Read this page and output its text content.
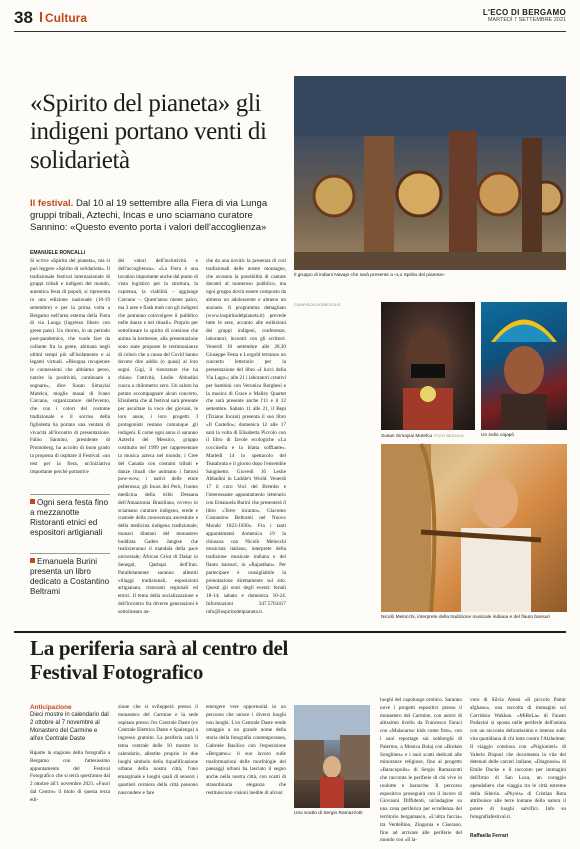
38	Cultura	L'ECO DI BERGAMO
MARTEDÌ 7 SETTEMBRE 2021
«Spirito del pianeta» gli indigeni portano venti di solidarietà

Il festival. Dal 10 al 19 settembre alla Fiera di via Lunga gruppi tribali, Aztechi, Incas e uno sciamano curatore Sannino: «Questo evento porta i valori dell'accoglienza»

EMANUELE RONCALLI
Si scrive «Spirito del pianeta», ma si può leggere «Spirito di solidarietà». Il tradizionale festival internazionale di gruppi tribali e indigeni del mondo, autentica festa di popoli, si ripresenta in una edizione nazionale (10-19 settembre) e per la prima volta a Bergamo nell'area esterna della Fiera di via Lunga (ingresso libero con green pass). Un ritorno, in un periodo post-pandemico, che vuole fare da collante fra la gente, abituata negli ultimi tempi più all'isolamento e ai legami virtuali. «Bisogna recuperare le connessioni che abbiamo perso, nutrire la positività, continuare a sognare», dice Susan Simayiai Mutelcu, moglie masai di Ivano Carcano, organizzatore dell'evento, che con i colori del costume tradizionale e il sorriso della figlioletta ha portato una ventata di vivacità all'incontro di presentazione. Fabio Sannino, presidente di Promoberg, ha accolto di buon grado la proposta di ospitare il Festival: «un test per la fiera, un'iniziativa importante perché portatrice
Ogni sera festa fino a mezzanotte Ristoranti etnici ed espositori artigianali
Emanuela Burini presenta un libro dedicato a Costantino Beltrami
dei valori dell'inclusività e dell'accoglienza». «La Fiera è una location importante anche dal punto di vista logistico per la struttura, la capienza, la viabilità – aggiunge Carcano –. Quest'anno niente palco, ma 3 aree e flash mob con gli indigeni che potranno coinvolgere il pubblico nelle danze e nei rituali». Proprio per sottolineare lo spirito di coesione che anima la kermesse, alla presentazione sono state proposte le testimonianze di coloro che a causa del Covid hanno dovuto dire addio (o quasi) al loro sogni. Gigi, il ristoratore che ha chiuso l'attività, Leslie Abbadini cuoca a chilometro zero. Un saluto ha potuto accompagnare alcun concerto, Elisabetta che al festival sarà presente per ascoltare la voce dei giovani, le loro ansie, i loro progetti. I protagonisti restano comunque gli indigeni. E come ogni anno ci saranno Aztechi del Messico, gruppo costituito nel 1999 per rappresentare la musica azteca nel mondo; i Cree del Canada con costumi tribali e danze rituali che animano i famosi pow-wow, i nativi delle etnie pellerossa; gli Incas del Perù, l'uomo medicina della tribù Dessana dell'Amazzonia Brasiliana, ovvero lo sciamano curatore indigeno, erede e custode della conoscenza ancestrale e della medicina indigena tradizionale; monaci tibetani del monastero buddista Gaden Jangtse che realizzeranno il mandala della pace universale; African Griot di Dakar in Senegal, Qashqai dell'Iran. Parallelamente saranno allestiti villaggi tradizionali, esposizioni artigianato, ristoranti regionali ed etnici. Il tema della socializzazione e dell'incontro fra diverse generazioni è sottolineato an-
che da una novità: la presenza di cori tradizionali delle nostre montagne, che avranno la possibilità di cantare davanti al numeroso pubblico, ma ogni gruppo dovrà essere composto da almeno un adolescente e almeno un anziano. Il programma dettagliato (www.lospiritodelpianeta.it) prevede tutte le sere, accanto alle esibizioni dei gruppi indigeni, conferenze, laboratori, incontri con gli scrittori. Venerdì 10 settembre alle 20,30 Giuseppe Festa e Lorgold terranno un concerto letterario per la presentazione del libro «I lucci della Via Lago»; alle 21 i laboratori creativi per bambini con Veronica Borghesi e la musica di Grace e Malley Quartet che sarà presente anche l'11 e il 12 settembre. Sabato 11 alle 21, il Bepi (Tiziano Incani) presenta il suo libro «Il Castello»; domenica 12 alle 17 sarà la volta di Elisabetta Piccolo con il libro di favole ecologiche «La coccinella e la blatta sofflante». Martedì 14 lo spettacolo del Teatabruta e il giorno dopo l'ensemble Sanginetto. Giovedì 16 Leslie Abbadini in Laddie's World. Venerdì 17 il coro Voci del Brembo e l'interessante appuntamento letterario con Emanuela Burini che presenterà il libro «Terre incanto». Giacomo Costantino Beltrami nel Nuovo Mondo 1823-1830». Fra i tanti appuntamenti domenica 19 la chiusura con Nicolò Melocchi musicista italiano, interprete della tradizione musicale indiana e del flauto bansuri, in «Rajasthan». Per partecipare è consigliabile la prenotazione direttamente sul sito. Questi gli orari degli eventi: feriali 18-14; sabato e domenica 10-24. Informazioni 347.5763417 info@lospiritodelpianeta.it.
Il gruppo di indiani Navajo che sarà presente a «Lo Spirito del pianeta»
CAMPIDOGLIO/BEDOLIS
Susan Simayiai Mutelcu FOTO BEDOLIS	Un indio cajapò
Nicolò Melocchi, interprete della tradizione musicale indiana e del flauto bansuri
La periferia sarà al centro del Festival Fotografico
Anticipazione
Dieci mostre in calendario dal 2 ottobre al 7 novembre al Monastero del Carmine e all'ex Centrale Daste
Riparte la stagione della fotografia a Bergamo con l'attesissimo appuntamento del Festival Fotografico che si terrà quest'anno dal 2 ottobre all'1 novembre 2021. «Fuori dal Centro» il titolo di questa terza edi-
zione che si svilupperà presso il monastero del Carmine e la sede ospitata presso l'ex Centrale Daste (ex Centrale Elettrica Daste e Spalenga) a ingresso gratuito. La periferia sarà il tema centrale delle 10 mostre in calendario, allestite proprio in due luoghi simbolo della riqualificazione urbana della nostra città, l'uno emarginale e luoghi quali di sensori i quartieri cerniera della città possono nascondere e fare
emergere vere opportunità in un percorso che unisce i diversi luoghi non luoghi. L'ex Centrale Daste rende omaggio a un grande nome della storia della fotografia contemporanea, Gabriele Basilico con l'esposizione «Bergamo»: il suo lavoro sulle trasformazioni delle morfologie dei paesaggi urbani ha lasciato il segno anche nella nostra città, con scatti di straordinaria eleganza che restituiscono visioni inedite di alcuni
Uno scatto di Sergio Ramazzotti
luoghi del capoluogo orobico. Saranno nove i progetti espositivi presso il monastero del Carmine, con autori di altissimo livello da Francesco Faraci con «Malacarne: kids come first», con i suoi reportage sui sobborghi di Palermo, a Monica Bulaj con «Broken Songlines» e i suoi scatti dedicati alle minoranze religiose, fino al progetto «Baracopolis» di Sergio Ramazzotti che racconta le periferie di chi vive in roulotte e baracche. Il percorso espositivo proseguirà con il lavoro di Giovanni Diffidenti, un'indagine su una zona periferica per eccellenza del territorio bergamasco, «L'ultra faccia» tra Verdellino, Zingonia e Ciserano, fino ad arrivare alle periferie del mondo con «Il la-
voro di Silvia Alessi «Il piccolo Pamir afghano», una raccolta di immagini sul Corridoio Wakhan. «MiReLa» di Fausto Podavini si sposta nelle periferie dell'anima con un racconto delicatissimo e intenso sulla vita quotidiana di chi lotta contro l'Alzheimer. Il viaggio continua con «Prigionieri» di Valerio Bispuri che documenta la vita dei detenuti delle carceri italiane, «Diagnosis» di Emile Ducke e il racconto per immagini dell'Irmo di San Luca, un coraggio opendaliero che viaggia tra le città estreme della Siberia. «Physis» di Cristian Rota attribuisce alle terre lontane della natura il potere di luoghi salvifici. Info su fotografiafestival.it.
Raffaella Ferrari
